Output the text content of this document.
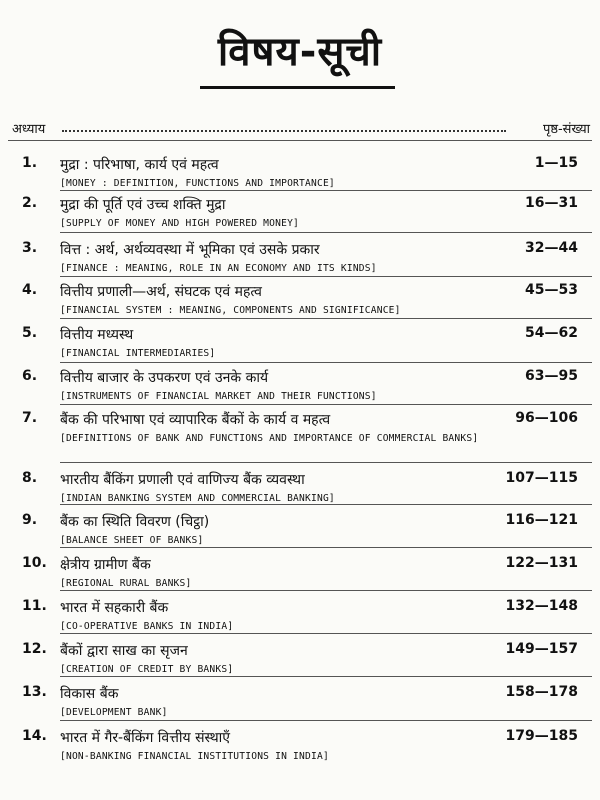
विषय-सूची
अध्याय	पृष्ठ-संख्या
1.	मुद्रा : परिभाषा, कार्य एवं महत्व	1—15
[MONEY : DEFINITION, FUNCTIONS AND IMPORTANCE]
2.	मुद्रा की पूर्ति एवं उच्च शक्ति मुद्रा	16—31
[SUPPLY OF MONEY AND HIGH POWERED MONEY]
3.	वित्त : अर्थ, अर्थव्यवस्था में भूमिका एवं उसके प्रकार	32—44
[FINANCE : MEANING, ROLE IN AN ECONOMY AND ITS KINDS]
4.	वित्तीय प्रणाली—अर्थ, संघटक एवं महत्व	45—53
[FINANCIAL SYSTEM : MEANING, COMPONENTS AND SIGNIFICANCE]
5.	वित्तीय मध्यस्थ	54—62
[FINANCIAL INTERMEDIARIES]
6.	वित्तीय बाजार के उपकरण एवं उनके कार्य	63—95
[INSTRUMENTS OF FINANCIAL MARKET AND THEIR FUNCTIONS]
7.	बैंक की परिभाषा एवं व्यापारिक बैंकों के कार्य व महत्व	96—106
[DEFINITIONS OF BANK AND FUNCTIONS AND IMPORTANCE OF COMMERCIAL BANKS]
8.	भारतीय बैंकिंग प्रणाली एवं वाणिज्य बैंक व्यवस्था	107—115
[INDIAN BANKING SYSTEM AND COMMERCIAL BANKING]
9.	बैंक का स्थिति विवरण (चिट्ठा)	116—121
[BALANCE SHEET OF BANKS]
10. क्षेत्रीय ग्रामीण बैंक	122—131
[REGIONAL RURAL BANKS]
11. भारत में सहकारी बैंक	132—148
[CO-OPERATIVE BANKS IN INDIA]
12. बैंकों द्वारा साख का सृजन	149—157
[CREATION OF CREDIT BY BANKS]
13. विकास बैंक	158—178
[DEVELOPMENT BANK]
14. भारत में गैर-बैंकिंग वित्तीय संस्थाएँ	179—185
[NON-BANKING FINANCIAL INSTITUTIONS IN INDIA]
